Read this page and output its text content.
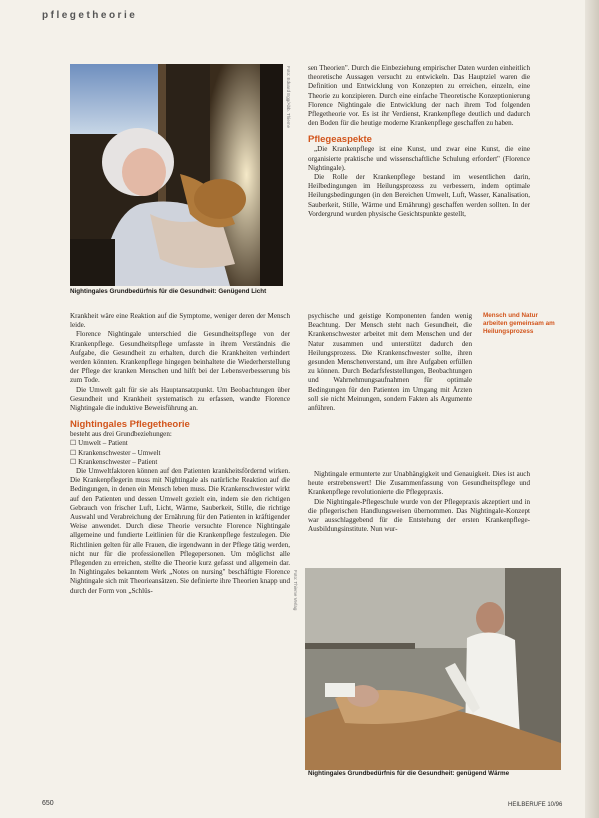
pflegetheorie
Foto: Eduard Egg/Abb. Thieme
Nightingales Grundbedürfnis für die Gesundheit: Genügend Licht

Krankheit wäre eine Reaktion auf die Symptome, weniger deren der Mensch leide.

Florence Nightingale unterschied die Gesundheitspflege von der Krankenpflege. Gesundheitspflege umfasste in ihrem Verständnis die Aufgabe, die Gesundheit zu erhalten, durch die Krankheiten verhindert werden könnten. Krankenpflege hingegen beinhaltete die Wiederherstellung der Pflege der kranken Menschen und hilft bei der Lebensverbesserung bis zum Tode.

Die Umwelt galt für sie als Hauptansatzpunkt. Um Beobachtungen über Gesundheit und Krankheit systematisch zu erfassen, wandte Florence Nightingale die induktive Beweisführung an.

Nightingales Pflegetheorie

besteht aus drei Grundbeziehungen:

☐ Umwelt – Patient

☐ Krankenschwester – Umwelt

☐ Krankenschwester – Patient

Die Umweltfaktoren können auf den Patienten krankheitsfördernd wirken. Die Krankenpflegerin muss mit Nightingale als natürliche Reaktion auf die Bedingungen, in denen ein Mensch leben muss. Die Krankenschwester wirkt auf den Patienten und dessen Umwelt gezielt ein, indem sie den richtigen Gebrauch von frischer Luft, Licht, Wärme, Sauberkeit, Stille, die richtige Auswahl und Verabreichung der Ernährung für den Patienten in kräftigender Weise anwendet. Durch diese Theorie versuchte Florence Nightingale allgemeine und fundierte Leitlinien für die Krankenpflege festzulegen. Die Richtlinien gelten für alle Frauen, die irgendwann in der Pflege tätig werden, nicht nur für die professionellen Pflegepersonen. Um möglichst alle Pflegenden zu erreichen, stellte die Theorie kurz gefasst und allgemein dar. In Nightingales bekanntem Werk „Notes on nursing" beschäftigte Florence Nightingale sich mit Theorieansätzen. Sie definierte ihre Theorien knapp und durch der Form von „Schlüs-

sen Theorien". Durch die Einbeziehung empirischer Daten wurden einheitlich theoretische Aussagen versucht zu entwickeln. Das Hauptziel waren die Definition und Entwicklung von Konzepten zu erreichen, einzeln, eine Theorie zu konzipieren. Durch eine einfache Theoretische Konzeptionierung Florence Nightingale die Entwicklung der nach ihrem Tod folgenden Pflegetheorie vor. Es ist ihr Verdienst, Krankenpflege deutlich und dadurch den Boden für die heutige moderne Krankenpflege geschaffen zu haben.

Pflegeaspekte

„Die Krankenpflege ist eine Kunst, und zwar eine Kunst, die eine organisierte praktische und wissenschaftliche Schulung erfordert" (Florence Nightingale).

Die Rolle der Krankenpflege bestand im wesentlichen darin, Heilbedingungen im Heilungsprozess zu verbessern, indem optimale Heilungsbedingungen (in den Bereichen Umwelt, Luft, Wasser, Kanalisation, Sauberkeit, Stille, Wärme und Ernährung) geschaffen werden sollten. In der Vordergrund wurden physische Gesichtspunkte gestellt,

psychische und geistige Komponenten fanden wenig Beachtung. Der Mensch steht nach Gesundheit, die Krankenschwester arbeitet mit dem Menschen und der Natur zusammen und unterstützt dadurch den Heilungsprozess. Die Krankenschwester sollte, ihren gesunden Menschenverstand, um ihre Aufgaben erfüllen zu können. Durch Bedarfsfeststellungen, Beobachtungen und Wahrnehmungsaufnahmen für optimale Bedingungen für den Patienten im Umgang mit Ärzten soll sie nicht Meinungen, sondern Fakten als Argumente anführen.

Mensch und Natur arbeiten gemeinsam am Heilungsprozess

Nightingale ermunterte zur Unabhängigkeit und Genauigkeit. Dies ist auch heute erstrebenswert! Die Zusammenfassung von Gesundheitspflege und Krankenpflege revolutionierte die Pflegepraxis.

Die Nightingale-Pflegeschule wurde von der Pflegepraxis akzeptiert und in die pflegerischen Handlungsweisen übernommen. Das Nightingale-Konzept war ausschlaggebend für die Entstehung der ersten Krankenpflege-Ausbildungsinstitute. Nun wur-

Foto: Thieme Verlag
Nightingales Grundbedürfnis für die Gesundheit: genügend Wärme
650	HEILBERUFE 10/96
